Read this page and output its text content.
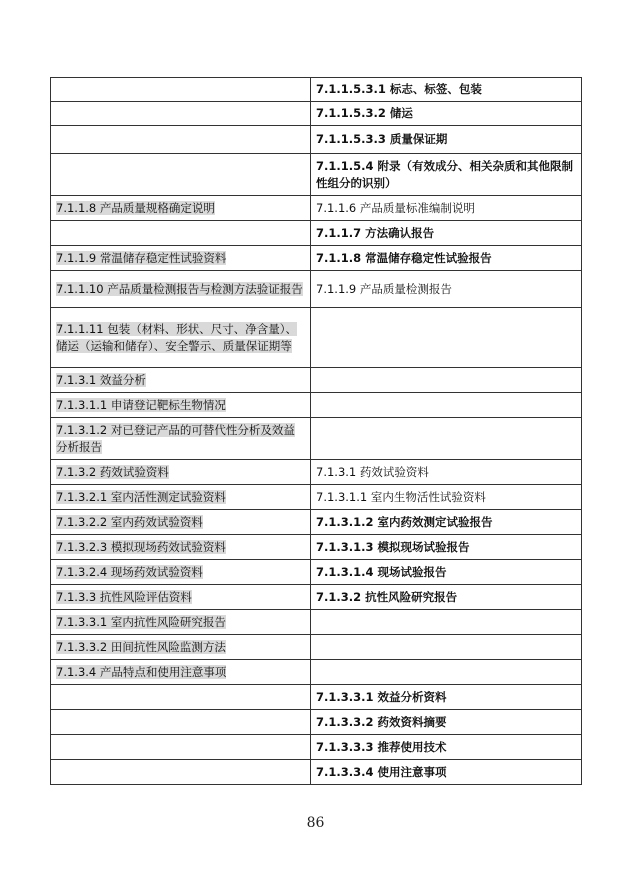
	7.1.1.5.3.1 标志、标签、包装
	7.1.1.5.3.2 储运
	7.1.1.5.3.3 质量保证期
	7.1.1.5.4 附录（有效成分、相关杂质和其他限制性组分的识别）
7.1.1.8 产品质量规格确定说明	7.1.1.6 产品质量标准编制说明
	7.1.1.7 方法确认报告
7.1.1.9 常温储存稳定性试验资料	7.1.1.8 常温储存稳定性试验报告
7.1.1.10 产品质量检测报告与检测方法验证报告	7.1.1.9 产品质量检测报告
7.1.1.11 包装（材料、形状、尺寸、净含量）、储运（运输和储存）、安全警示、质量保证期等	
7.1.3.1 效益分析	
7.1.3.1.1 申请登记靶标生物情况	
7.1.3.1.2 对已登记产品的可替代性分析及效益分析报告	
7.1.3.2 药效试验资料	7.1.3.1 药效试验资料
7.1.3.2.1 室内活性测定试验资料	7.1.3.1.1 室内生物活性试验资料
7.1.3.2.2 室内药效试验资料	7.1.3.1.2 室内药效测定试验报告
7.1.3.2.3 模拟现场药效试验资料	7.1.3.1.3 模拟现场试验报告
7.1.3.2.4 现场药效试验资料	7.1.3.1.4 现场试验报告
7.1.3.3 抗性风险评估资料	7.1.3.2 抗性风险研究报告
7.1.3.3.1 室内抗性风险研究报告	
7.1.3.3.2 田间抗性风险监测方法	
7.1.3.4 产品特点和使用注意事项	
	7.1.3.3.1 效益分析资料
	7.1.3.3.2 药效资料摘要
	7.1.3.3.3 推荐使用技术
	7.1.3.3.4 使用注意事项
86
